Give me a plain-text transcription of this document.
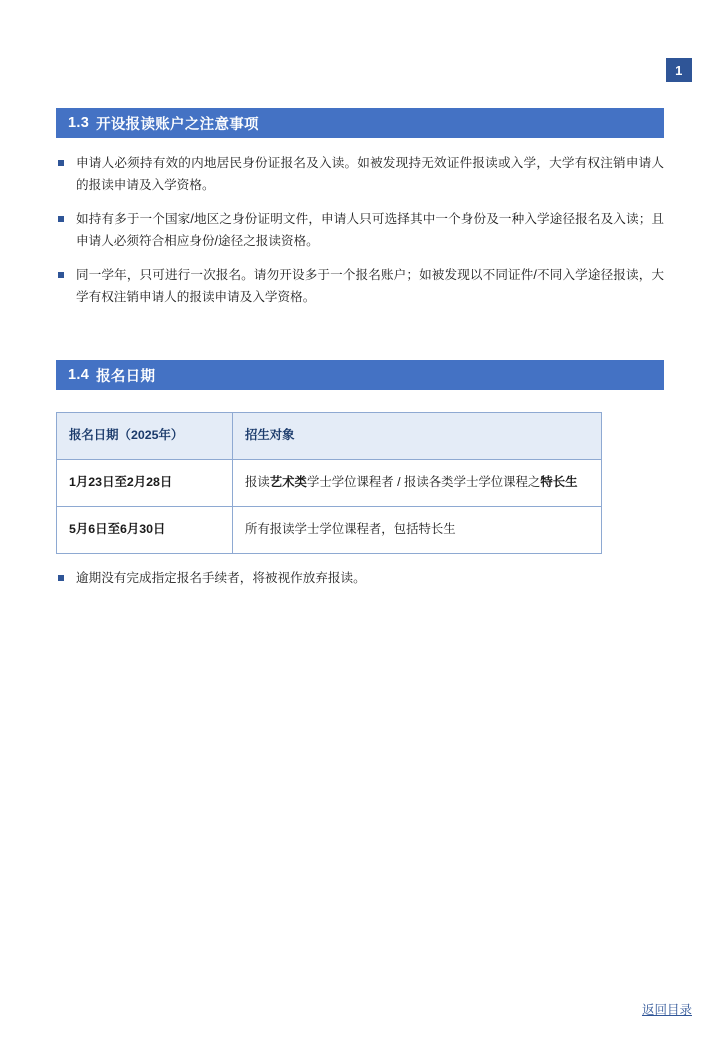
1
1.3 开设报读账户之注意事项
申请人必须持有效的内地居民身份证报名及入读。如被发现持无效证件报读或入学，大学有权注销申请人的报读申请及入学资格。
如持有多于一个国家/地区之身份证明文件，申请人只可选择其中一个身份及一种入学途径报名及入读；且申请人必须符合相应身份/途径之报读资格。
同一学年，只可进行一次报名。请勿开设多于一个报名账户；如被发现以不同证件/不同入学途径报读，大学有权注销申请人的报读申请及入学资格。
1.4 报名日期
报名日期（2025年）	招生对象
1月23日至2月28日	报读艺术类学士学位课程者 / 报读各类学士学位课程之特长生
5月6日至6月30日	所有报读学士学位课程者，包括特长生
逾期没有完成指定报名手续者，将被视作放弃报读。
返回目录
